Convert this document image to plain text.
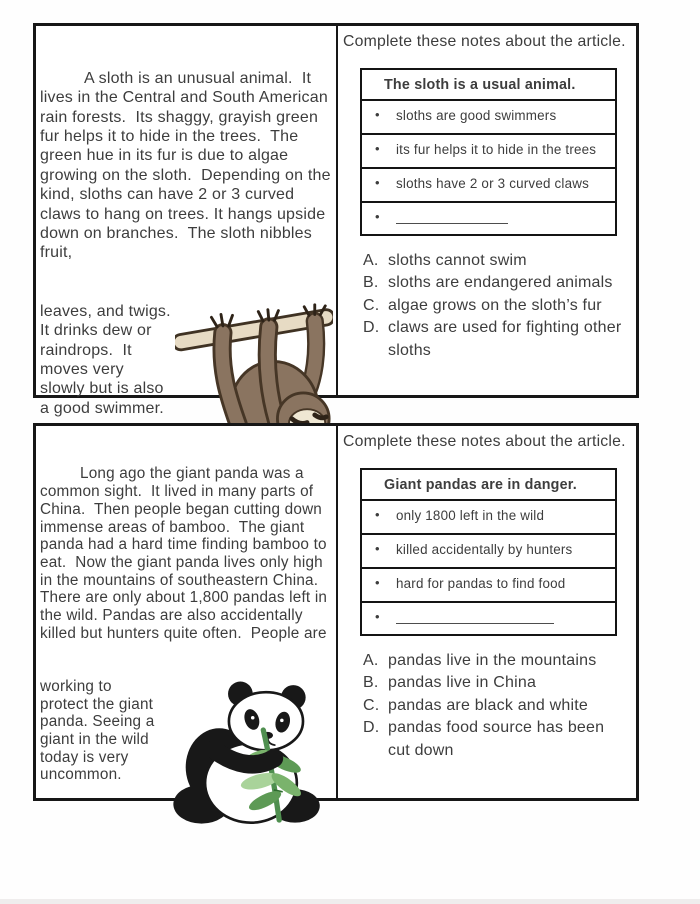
A sloth is an unusual animal.  It lives in the Central and South American rain forests.  Its shaggy, grayish green fur helps it to hide in the trees.  The green hue in its fur is due to algae growing on the sloth.  Depending on the kind, sloths can have 2 or 3 curved claws to hang on trees. It hangs upside down on branches.  The sloth nibbles fruit,

leaves, and twigs.  It drinks dew or raindrops.  It moves very slowly but is also a good swimmer.

Complete these notes about the article.

The sloth is a usual animal.
•	sloths are good swimmers
•	its fur helps it to hide in the trees
•	sloths have 2 or 3 curved claws
•
A. sloths cannot swim
B. sloths are endangered animals
C. algae grows on the sloth’s fur
D. claws are used for fighting other sloths

Long ago the giant panda was a common sight.  It lived in many parts of China.  Then people began cutting down immense areas of bamboo.  The giant panda had a hard time finding bamboo to eat.  Now the giant panda lives only high in the mountains of southeastern China.  There are only about 1,800 pandas left in the wild. Pandas are also accidentally killed but hunters quite often.  People are

working to protect the giant panda. Seeing a giant in the wild today is very uncommon.

Complete these notes about the article.

Giant pandas are in danger.
•	only 1800 left in the wild
•	killed accidentally by hunters
•	hard for pandas to find food
•
A. pandas live in the mountains
B. pandas live in China
C. pandas are black and white
D. pandas food source has been cut down
